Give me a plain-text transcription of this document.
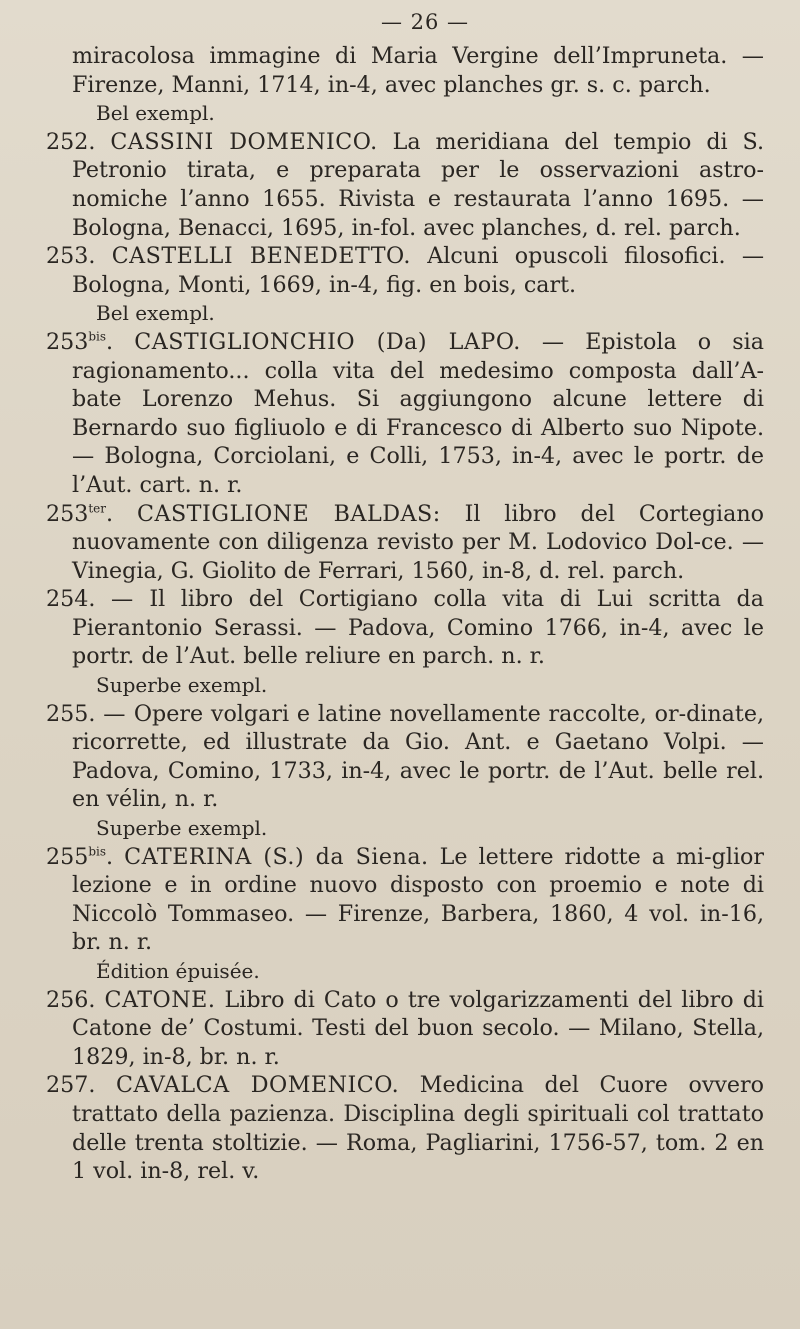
— 26 —

miracolosa immagine di Maria Vergine dell’Impruneta. — Firenze, Manni, 1714, in-4, avec planches gr. s. c. parch.

Bel exempl.

252. CASSINI DOMENICO. La meridiana del tempio di S. Petronio tirata, e preparata per le osservazioni astro-nomiche l’anno 1655. Rivista e restaurata l’anno 1695. — Bologna, Benacci, 1695, in-fol. avec planches, d. rel. parch.

253. CASTELLI BENEDETTO. Alcuni opuscoli filosofici. — Bologna, Monti, 1669, in-4, fig. en bois, cart.

Bel exempl.

$253^{bis}$. CASTIGLIONCHIO (Da) LAPO. — Epistola o sia ragionamento... colla vita del medesimo composta dall’A-bate Lorenzo Mehus. Si aggiungono alcune lettere di Bernardo suo figliuolo e di Francesco di Alberto suo Nipote. — Bologna, Corciolani, e Colli, 1753, in-4, avec le portr. de l’Aut. cart. n. r.

$253^{ter}$. CASTIGLIONE BALDAS: Il libro del Cortegiano nuovamente con diligenza revisto per M. Lodovico Dol-ce. — Vinegia, G. Giolito de Ferrari, 1560, in-8, d. rel. parch.

254. — Il libro del Cortigiano colla vita di Lui scritta da Pierantonio Serassi. — Padova, Comino 1766, in-4, avec le portr. de l’Aut. belle reliure en parch. n. r.

Superbe exempl.

255. — Opere volgari e latine novellamente raccolte, or-dinate, ricorrette, ed illustrate da Gio. Ant. e Gaetano Volpi. — Padova, Comino, 1733, in-4, avec le portr. de l’Aut. belle rel. en vélin, n. r.

Superbe exempl.

$255^{bis}$. CATERINA (S.) da Siena. Le lettere ridotte a mi-glior lezione e in ordine nuovo disposto con proemio e note di Niccolò Tommaseo. — Firenze, Barbera, 1860, 4 vol. in-16, br. n. r.

Édition épuisée.

256. CATONE. Libro di Cato o tre volgarizzamenti del libro di Catone de’ Costumi. Testi del buon secolo. — Milano, Stella, 1829, in-8, br. n. r.

257. CAVALCA DOMENICO. Medicina del Cuore ovvero trattato della pazienza. Disciplina degli spirituali col trattato delle trenta stoltizie. — Roma, Pagliarini, 1756-57, tom. 2 en 1 vol. in-8, rel. v.
